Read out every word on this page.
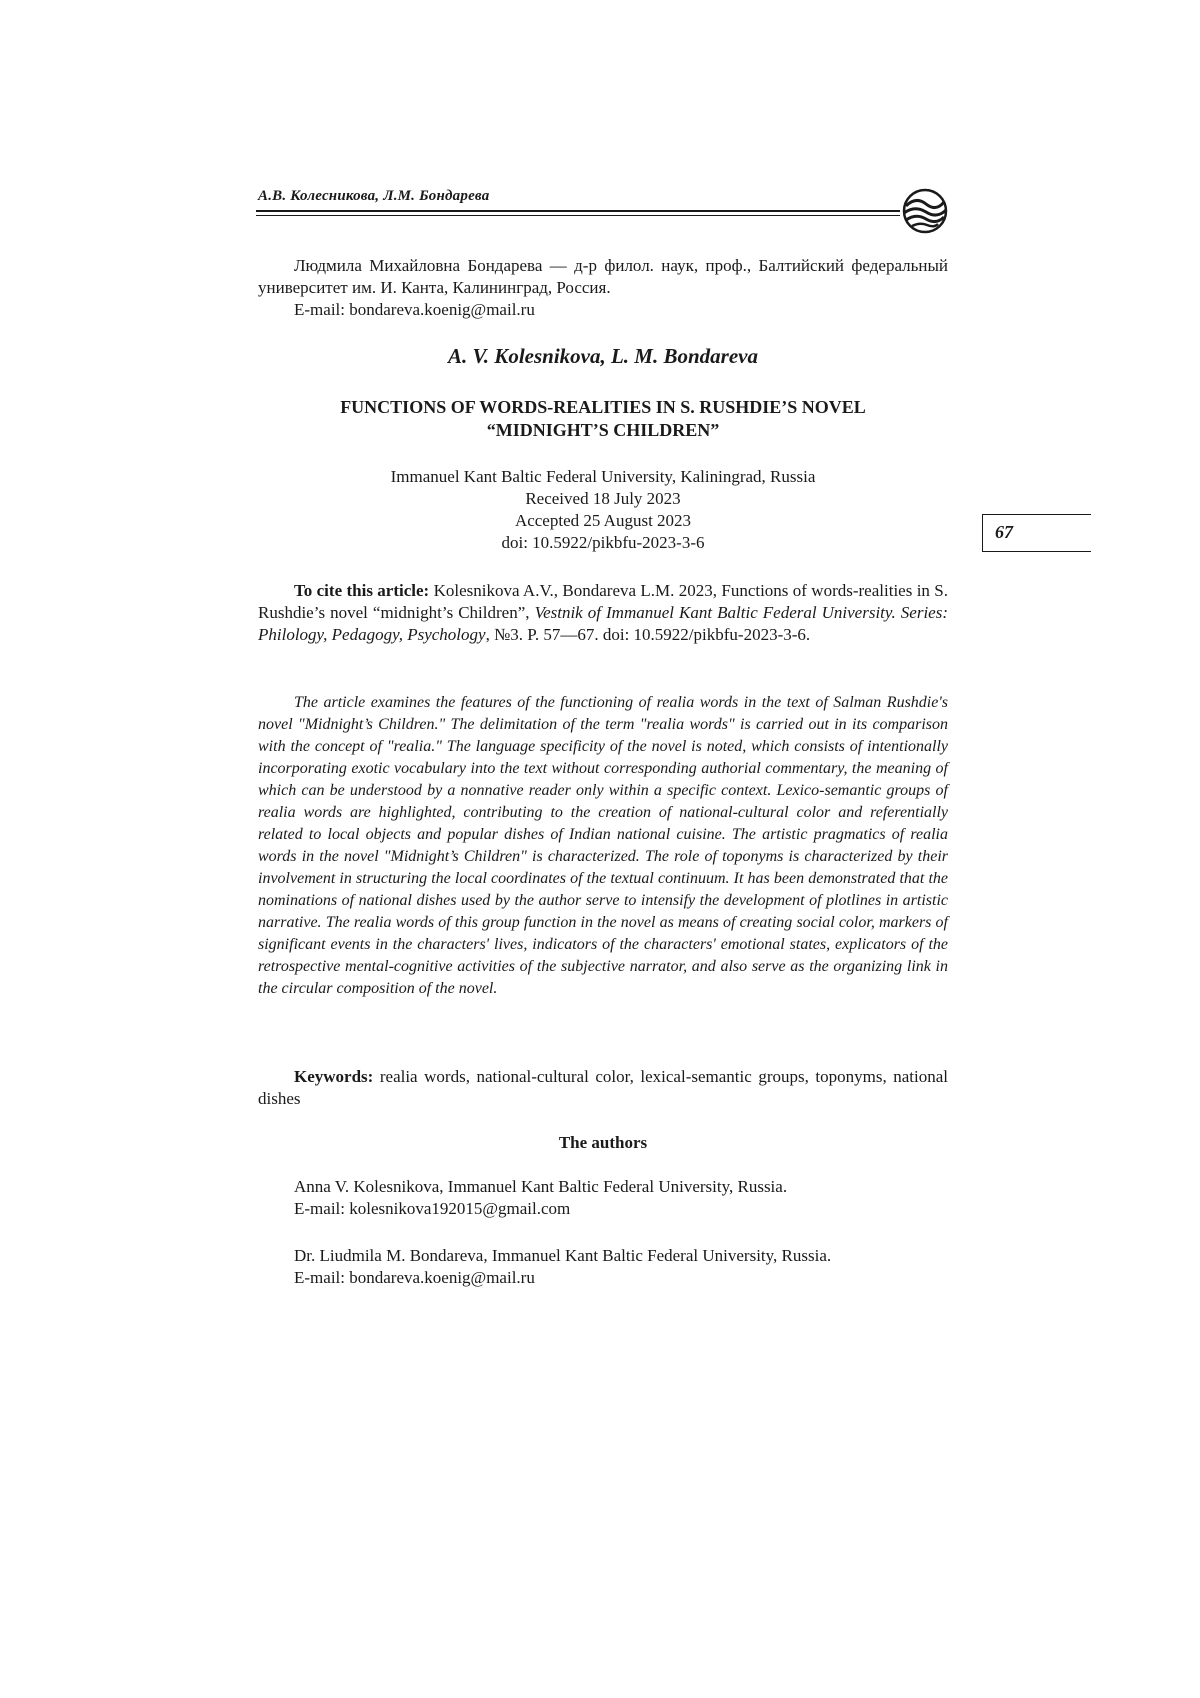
А.В. Колесникова, Л.М. Бондарева
Людмила Михайловна Бондарева — д-р филол. наук, проф., Балтийский федеральный университет им. И. Канта, Калининград, Россия.
E-mail: bondareva.koenig@mail.ru
A. V. Kolesnikova, L. M. Bondareva
FUNCTIONS OF WORDS-REALITIES IN S. RUSHDIE’S NOVEL
“MIDNIGHT’S CHILDREN”
Immanuel Kant Baltic Federal University, Kaliningrad, Russia
Received 18 July 2023
Accepted 25 August 2023
doi: 10.5922/pikbfu-2023-3-6
67
To cite this article: Kolesnikova A.V., Bondareva L.M. 2023, Functions of words-realities in S. Rushdie’s novel “midnight’s Children”, Vestnik of Immanuel Kant Baltic Federal University. Series: Philology, Pedagogy, Psychology, №3. P. 57—67. doi: 10.5922/pikbfu-2023-3-6.
The article examines the features of the functioning of realia words in the text of Salman Rushdie's novel "Midnight’s Children." The delimitation of the term "realia words" is carried out in its comparison with the concept of "realia." The language specificity of the novel is noted, which consists of intentionally incorporating exotic vocabulary into the text without corresponding authorial commentary, the meaning of which can be understood by a nonnative reader only within a specific context. Lexico-semantic groups of realia words are highlighted, contributing to the creation of national-cultural color and referentially related to local objects and popular dishes of Indian national cuisine. The artistic pragmatics of realia words in the novel "Midnight’s Children" is characterized. The role of toponyms is characterized by their involvement in structuring the local coordinates of the textual continuum. It has been demonstrated that the nominations of national dishes used by the author serve to intensify the development of plotlines in artistic narrative. The realia words of this group function in the novel as means of creating social color, markers of significant events in the characters' lives, indicators of the characters' emotional states, explicators of the retrospective mental-cognitive activities of the subjective narrator, and also serve as the organizing link in the circular composition of the novel.
Keywords: realia words, national-cultural color, lexical-semantic groups, toponyms, national dishes
The authors
Anna V. Kolesnikova, Immanuel Kant Baltic Federal University, Russia.
E-mail: kolesnikova192015@gmail.com
Dr. Liudmila M. Bondareva, Immanuel Kant Baltic Federal University, Russia.
E-mail: bondareva.koenig@mail.ru
